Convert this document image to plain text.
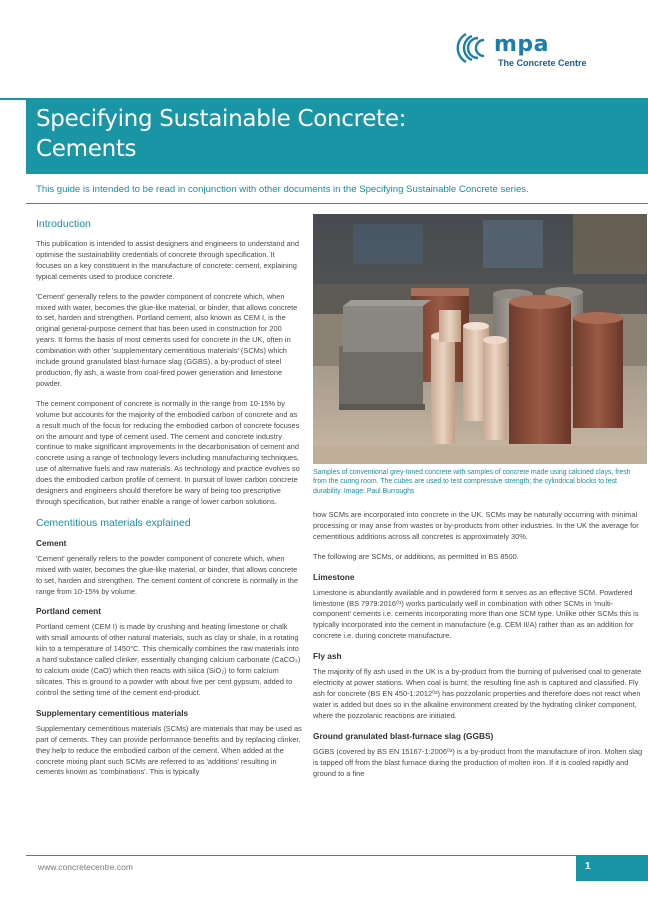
mpa
The Concrete Centre
Specifying Sustainable Concrete:
Cements

This guide is intended to be read in conjunction with other documents in the Specifying Sustainable Concrete series.

Introduction

This publication is intended to assist designers and engineers to understand and optimise the sustainability credentials of concrete through specification. It focuses on a key constituent in the manufacture of concrete: cement, explaining typical cements used to produce concrete.

'Cement' generally refers to the powder component of concrete which, when mixed with water, becomes the glue-like material, or binder, that allows concrete to set, harden and strengthen. Portland cement, also known as CEM I, is the original general-purpose cement that has been used in construction for 200 years. It forms the basis of most cements used for concrete in the UK, often in combination with other 'supplementary cementitious materials' (SCMs) which include ground granulated blast-furnace slag (GGBS), a by-product of steel production, fly ash, a waste from coal-fired power generation and limestone powder.

The cement component of concrete is normally in the range from 10-15% by volume but accounts for the majority of the embodied carbon of concrete and as a result much of the focus for reducing the embodied carbon of concrete focuses on the amount and type of cement used. The cement and concrete industry continue to make significant improvements in the decarbonisation of cement and concrete using a range of technology levers including manufacturing techniques, use of alternative fuels and raw materials. As technology and practice evolves so does the embodied carbon profile of cement. In pursuit of lower carbon concrete designers and engineers should therefore be wary of being too prescriptive through specification, but rather enable a range of lower carbon solutions.

Cementitious materials explained
Cement

'Cement' generally refers to the powder component of concrete which, when mixed with water, becomes the glue-like material, or binder, that allows concrete to set, harden and strengthen. The cement content of concrete is normally in the range from 10-15% by volume.

Portland cement

Portland cement (CEM I) is made by crushing and heating limestone or chalk with small amounts of other natural materials, such as clay or shale, in a rotating kiln to a temperature of 1450°C. This chemically combines the raw materials into a hard substance called clinker, essentially changing calcium carbonate (CaCO₃) to calcium oxide (CaO) which then reacts with silica (SiO₂) to form calcium silicates. This is ground to a powder with about five per cent gypsum, added to control the setting time of the cement end-product.

Supplementary cementitious materials

Supplementary cementitious materials (SCMs) are materials that may be used as part of cements. They can provide performance benefits and by replacing clinker, they help to reduce the embodied carbon of the cement. When added at the concrete mixing plant such SCMs are referred to as 'additions' resulting in cements known as 'combinations'. This is typically

Samples of conventional grey-toned concrete with samples of concrete made using calcined clays, fresh from the curing room. The cubes are used to test compressive strength; the cylindrical blocks to test durability. Image: Paul Burroughs

how SCMs are incorporated into concrete in the UK. SCMs may be naturally occurring with minimal processing or may arise from wastes or by-products from other industries. In the UK the average for cementitious additions across all concretes is approximately 30%.

The following are SCMs, or additions, as permitted in BS 8500.

Limestone

Limestone is abundantly available and in powdered form it serves as an effective SCM. Powdered limestone (BS 7979:2016⁰¹) works particularly well in combination with other SCMs in 'multi-component' cements i.e. cements incorporating more than one SCM type. Unlike other SCMs this is typically incorporated into the cement in manufacture (e.g. CEM II/A) rather than as an addition for concrete i.e. during concrete manufacture.

Fly ash

The majority of fly ash used in the UK is a by-product from the burning of pulverised coal to generate electricity at power stations. When coal is burnt, the resulting fine ash is captured and classified. Fly ash for concrete (BS EN 450-1:2012⁰²) has pozzolanic properties and therefore does not react when water is added but does so in the alkaline environment created by the hydrating clinker component, where the pozzolanic reactions are initiated.

Ground granulated blast-furnace slag (GGBS)

GGBS (covered by BS EN 15167-1:2006⁰³) is a by-product from the manufacture of iron. Molten slag is tapped off from the blast furnace during the production of molten iron. If it is cooled rapidly and ground to a fine

www.concretecentre.com	1
